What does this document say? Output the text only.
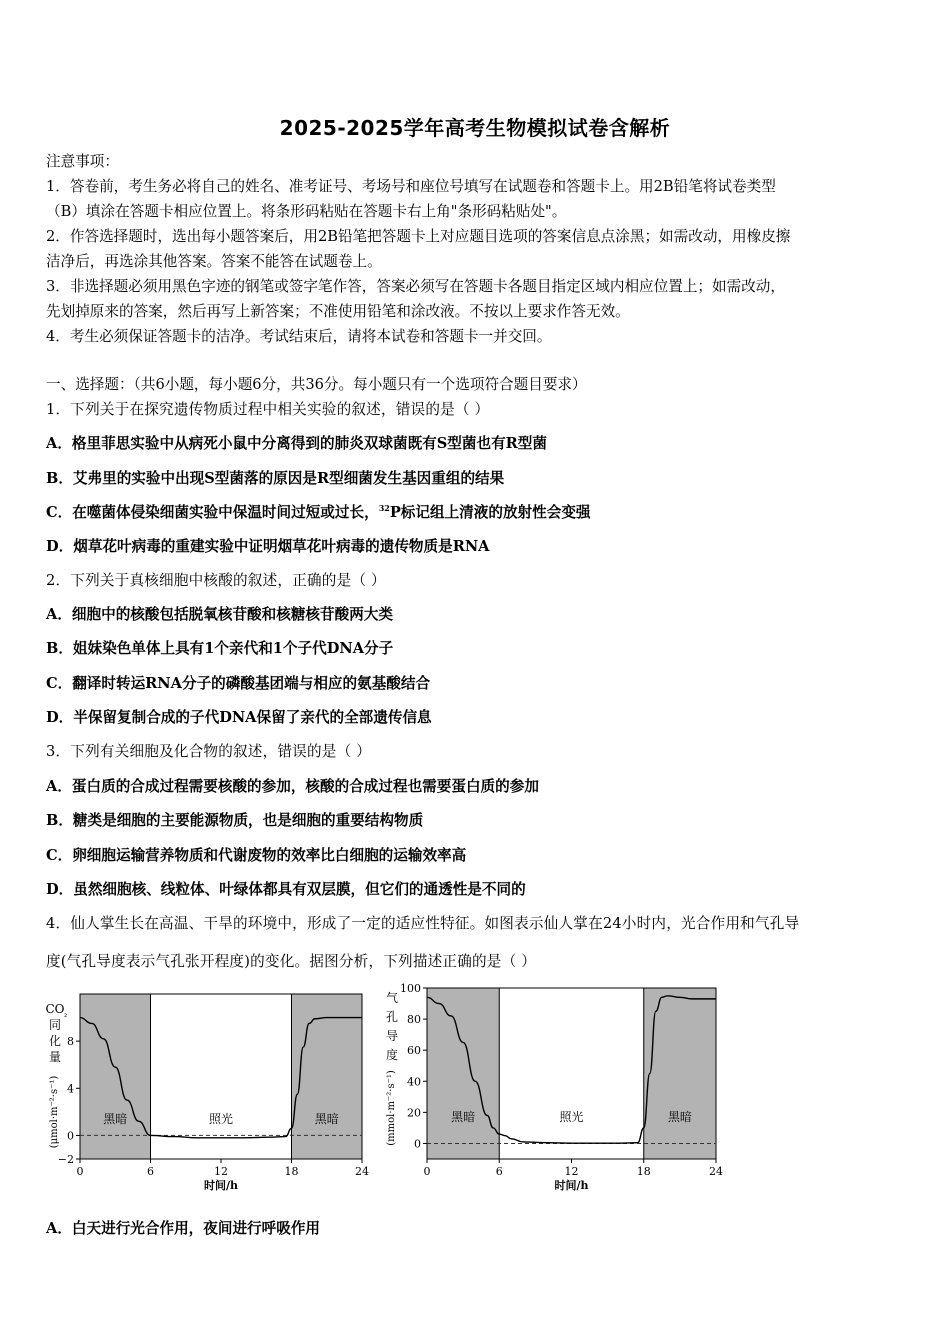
2025-2025学年高考生物模拟试卷含解析
注意事项：
1．答卷前，考生务必将自己的姓名、准考证号、考场号和座位号填写在试题卷和答题卡上。用2B铅笔将试卷类型
（B）填涂在答题卡相应位置上。将条形码粘贴在答题卡右上角"条形码粘贴处"。
2．作答选择题时，选出每小题答案后，用2B铅笔把答题卡上对应题目选项的答案信息点涂黑；如需改动，用橡皮擦
洁净后，再选涂其他答案。答案不能答在试题卷上。
3．非选择题必须用黑色字迹的钢笔或签字笔作答，答案必须写在答题卡各题目指定区域内相应位置上；如需改动，
先划掉原来的答案，然后再写上新答案；不准使用铅笔和涂改液。不按以上要求作答无效。
4．考生必须保证答题卡的洁净。考试结束后，请将本试卷和答题卡一并交回。
一、选择题：（共6小题，每小题6分，共36分。每小题只有一个选项符合题目要求）
1．下列关于在探究遗传物质过程中相关实验的叙述，错误的是（ ）
A．格里菲思实验中从病死小鼠中分离得到的肺炎双球菌既有S型菌也有R型菌
B．艾弗里的实验中出现S型菌落的原因是R型细菌发生基因重组的结果
C．在噬菌体侵染细菌实验中保温时间过短或过长，$^{32}$P标记组上清液的放射性会变强
D．烟草花叶病毒的重建实验中证明烟草花叶病毒的遗传物质是RNA
2．下列关于真核细胞中核酸的叙述，正确的是（ ）
A．细胞中的核酸包括脱氧核苷酸和核糖核苷酸两大类
B．姐妹染色单体上具有1个亲代和1个子代DNA分子
C．翻译时转运RNA分子的磷酸基团端与相应的氨基酸结合
D．半保留复制合成的子代DNA保留了亲代的全部遗传信息
3．下列有关细胞及化合物的叙述，错误的是（ ）
A．蛋白质的合成过程需要核酸的参加，核酸的合成过程也需要蛋白质的参加
B．糖类是细胞的主要能源物质，也是细胞的重要结构物质
C．卵细胞运输营养物质和代谢废物的效率比白细胞的运输效率高
D．虽然细胞核、线粒体、叶绿体都具有双层膜，但它们的通透性是不同的
4．仙人掌生长在高温、干旱的环境中，形成了一定的适应性特征。如图表示仙人掌在24小时内，光合作用和气孔导
度(气孔导度表示气孔张开程度)的变化。据图分析，下列描述正确的是（ ）
黑暗	照光	黑暗
0	6	12	18	24
时间/h
−2
0
4
8
CO ₂
同
化
量
(μmol·m⁻²·s⁻¹)	黑暗	照光	黑暗
0	6	12	18	24
时间/h
0
20
40
60
80
100
气
孔
导
度
(mmol·m⁻²·s⁻¹)
A．白天进行光合作用，夜间进行呼吸作用
